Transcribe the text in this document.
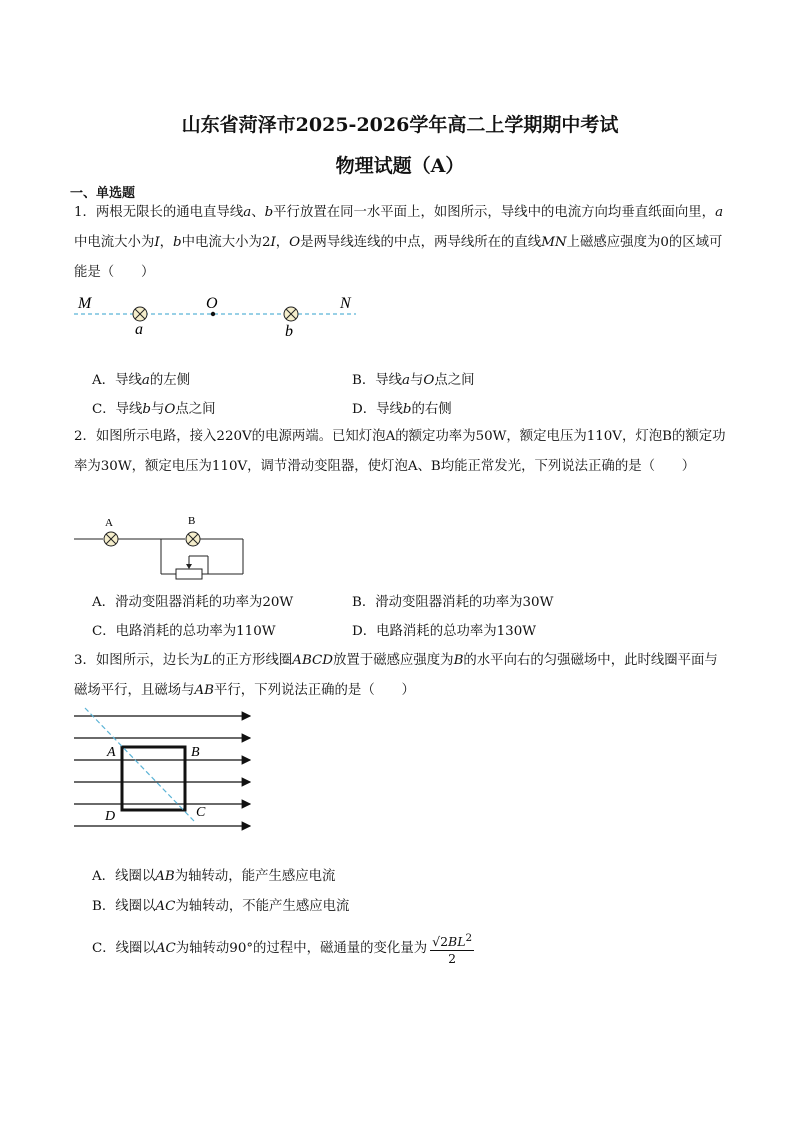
山东省菏泽市2025-2026学年高二上学期期中考试
物理试题（A）
一、单选题
1．两根无限长的通电直导线a、b平行放置在同一水平面上，如图所示，导线中的电流方向均垂直纸面向里，a中电流大小为I，b中电流大小为2I，O是两导线连线的中点，两导线所在的直线MN上磁感应强度为0的区域可能是（　　）
M	O	N
a	b
A．导线a的左侧	B．导线a与O点之间
C．导线b与O点之间	D．导线b的右侧
2．如图所示电路，接入220V的电源两端。已知灯泡A的额定功率为50W，额定电压为110V，灯泡B的额定功率为30W，额定电压为110V，调节滑动变阻器，使灯泡A、B均能正常发光，下列说法正确的是（　　）
A	B
A．滑动变阻器消耗的功率为20W	B．滑动变阻器消耗的功率为30W
C．电路消耗的总功率为110W	D．电路消耗的总功率为130W
3．如图所示，边长为L的正方形线圈ABCD放置于磁感应强度为B的水平向右的匀强磁场中，此时线圈平面与磁场平行，且磁场与AB平行，下列说法正确的是（　　）
A	B
C
D
A．线圈以AB为轴转动，能产生感应电流
B．线圈以AC为轴转动，不能产生感应电流
C．线圈以AC为轴转动90°的过程中，磁通量的变化量为 $\frac{√2BL^2}{2}$
